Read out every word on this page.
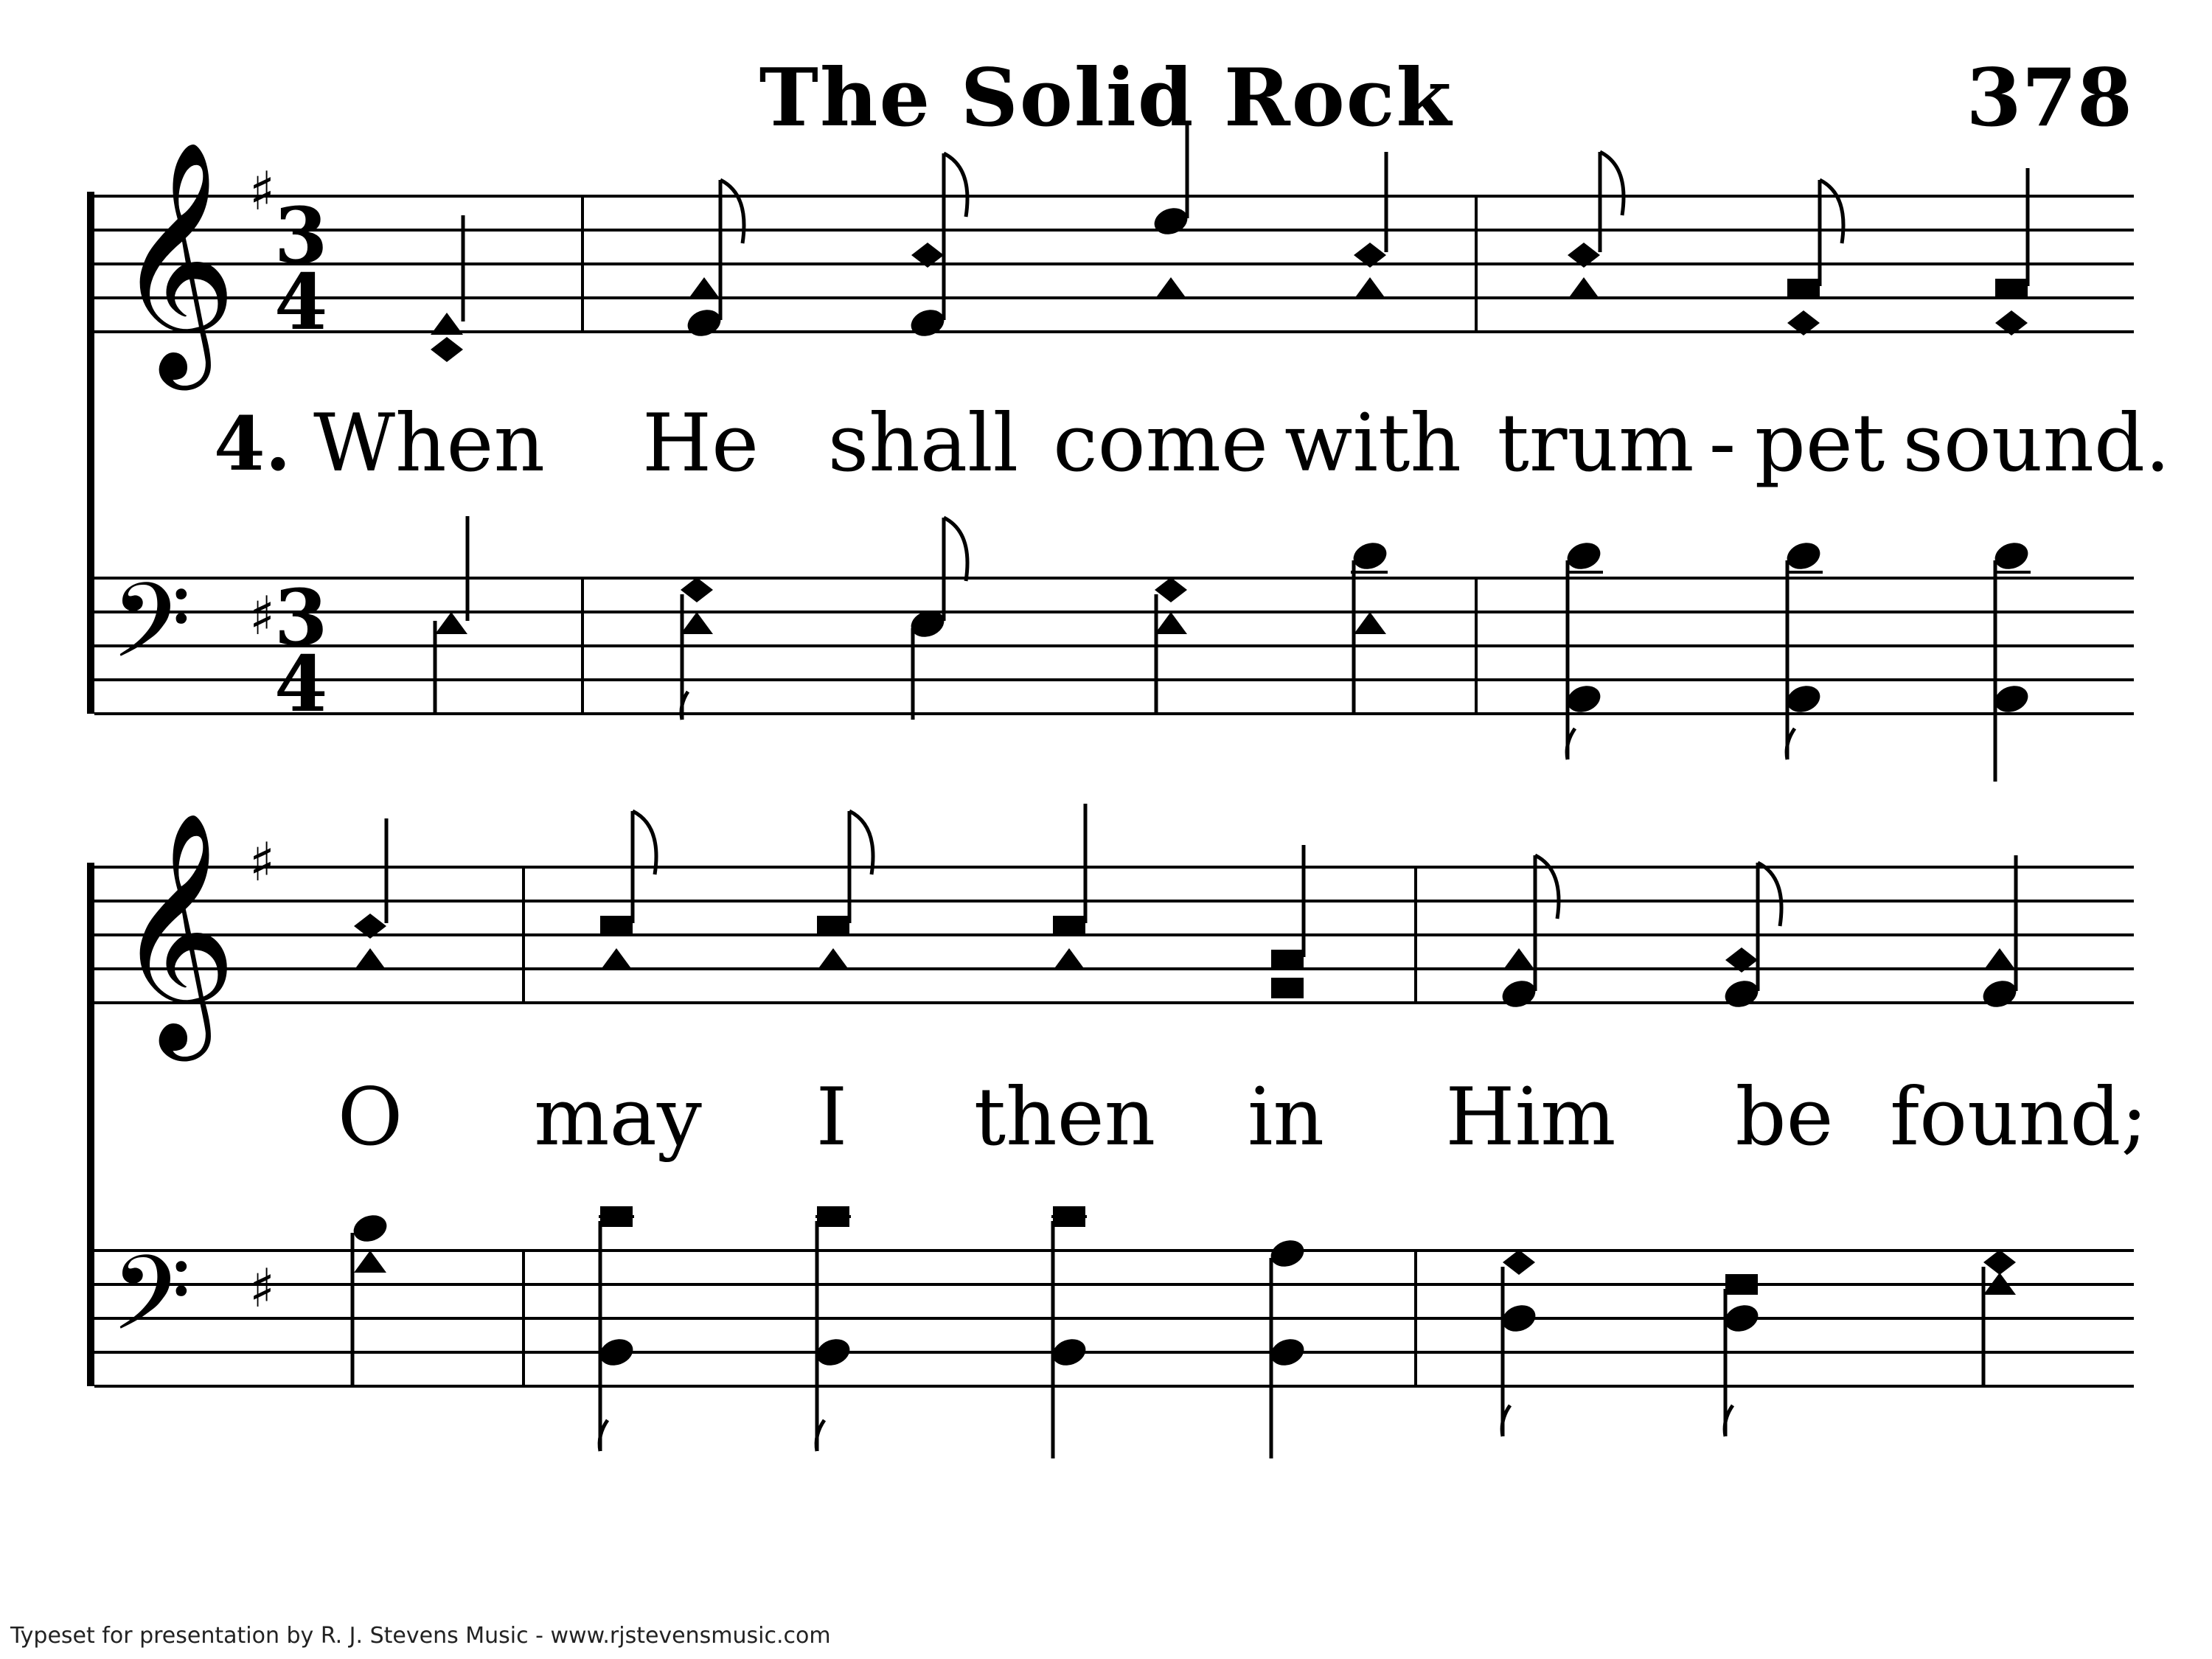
The Solid Rock	378
𝄞 ♯ 3
4
𝄢 ♯ 3
4
𝄞 ♯
𝄢 ♯
4. When He shall come with trum - pet sound.
O may I then in Him be found;
Typeset for presentation by R. J. Stevens Music - www.rjstevensmusic.com
